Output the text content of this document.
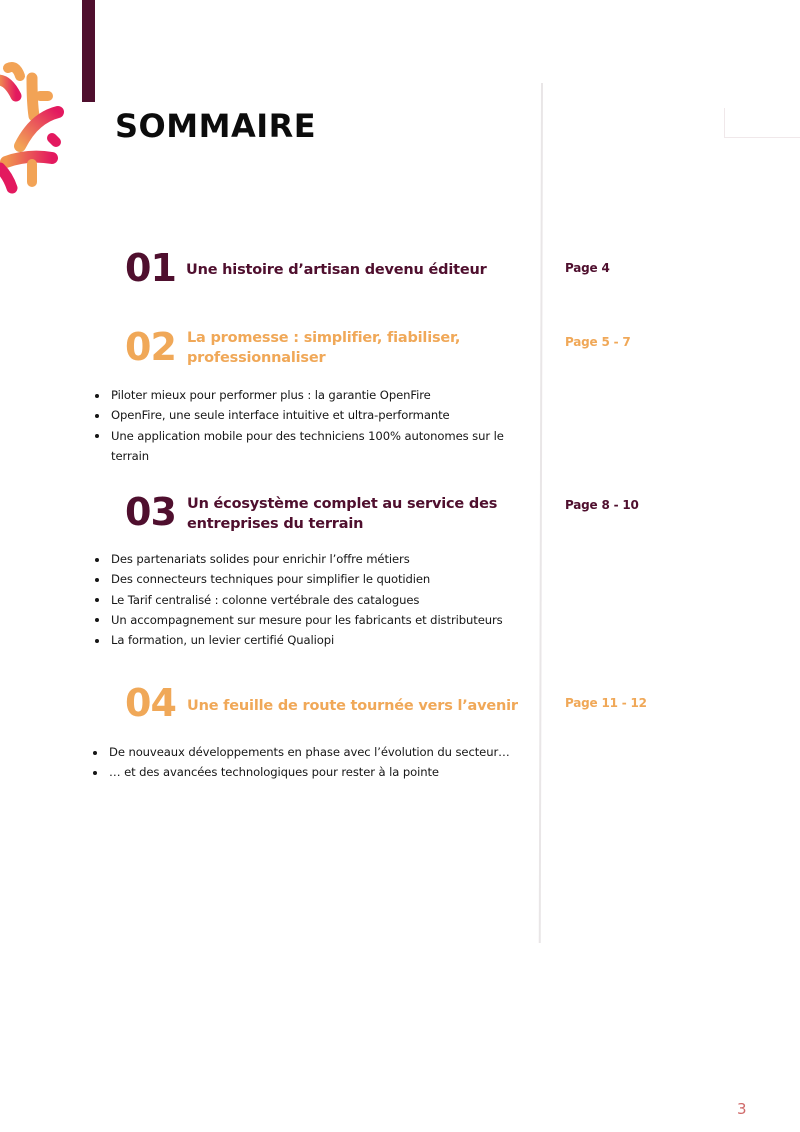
SOMMAIRE
01 Une histoire d’artisan devenu éditeur	Page 4
02 La promesse : simplifier, fiabiliser,
professionnaliser
Page 5 - 7
Piloter mieux pour performer plus : la garantie OpenFire
OpenFire, une seule interface intuitive et ultra-performante
Une application mobile pour des techniciens 100% autonomes sur le terrain
03 Un écosystème complet au service des
entreprises du terrain
Page 8 - 10
Des partenariats solides pour enrichir l’offre métiers
Des connecteurs techniques pour simplifier le quotidien
Le Tarif centralisé : colonne vertébrale des catalogues
Un accompagnement sur mesure pour les fabricants et distributeurs
La formation, un levier certifié Qualiopi
04 Une feuille de route tournée vers l’avenir	Page 11 - 12
De nouveaux développements en phase avec l’évolution du secteur…
… et des avancées technologiques pour rester à la pointe
3
